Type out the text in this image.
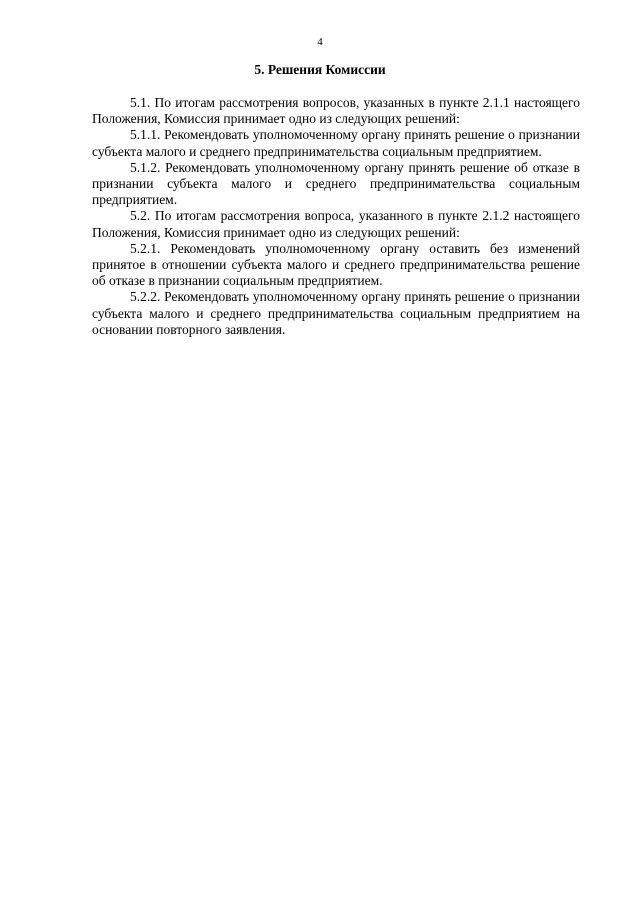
4
5. Решения Комиссии

5.1. По итогам рассмотрения вопросов, указанных в пункте 2.1.1 настоящего Положения, Комиссия принимает одно из следующих решений:

5.1.1. Рекомендовать уполномоченному органу принять решение о признании субъекта малого и среднего предпринимательства социальным предприятием.

5.1.2. Рекомендовать уполномоченному органу принять решение об отказе в признании субъекта малого и среднего предпринимательства социальным предприятием.

5.2. По итогам рассмотрения вопроса, указанного в пункте 2.1.2 настоящего Положения, Комиссия принимает одно из следующих решений:

5.2.1. Рекомендовать уполномоченному органу оставить без изменений принятое в отношении субъекта малого и среднего предпринимательства решение об отказе в признании социальным предприятием.

5.2.2. Рекомендовать уполномоченному органу принять решение о признании субъекта малого и среднего предпринимательства социальным предприятием на основании повторного заявления.
